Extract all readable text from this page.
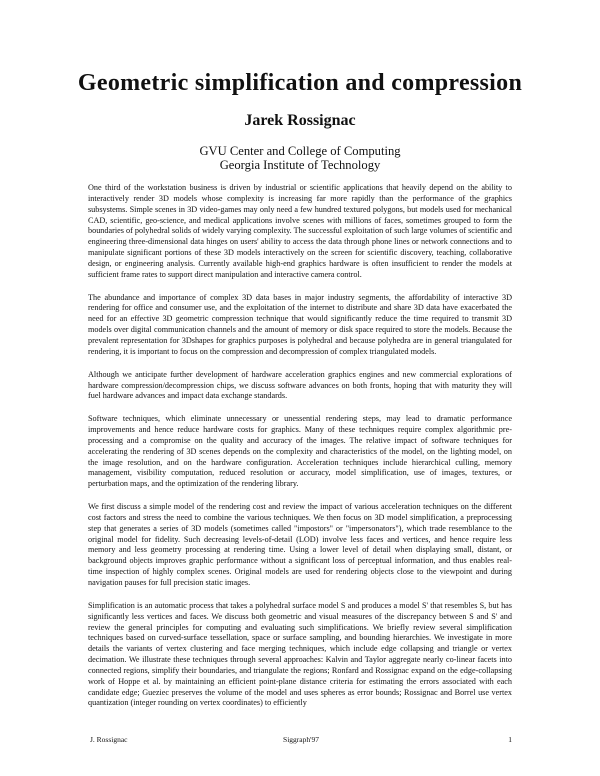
Geometric simplification and compression
Jarek Rossignac
GVU Center and College of Computing
Georgia Institute of Technology

One third of the workstation business is driven by industrial or scientific applications that heavily depend on the ability to interactively render 3D models whose complexity is increasing far more rapidly than the performance of the graphics subsystems. Simple scenes in 3D video-games may only need a few hundred textured polygons, but models used for mechanical CAD, scientific, geo-science, and medical applications involve scenes with millions of faces, sometimes grouped to form the boundaries of polyhedral solids of widely varying complexity. The successful exploitation of such large volumes of scientific and engineering three-dimensional data hinges on users' ability to access the data through phone lines or network connections and to manipulate significant portions of these 3D models interactively on the screen for scientific discovery, teaching, collaborative design, or engineering analysis. Currently available high-end graphics hardware is often insufficient to render the models at sufficient frame rates to support direct manipulation and interactive camera control.

The abundance and importance of complex 3D data bases in major industry segments, the affordability of interactive 3D rendering for office and consumer use, and the exploitation of the internet to distribute and share 3D data have exacerbated the need for an effective 3D geometric compression technique that would significantly reduce the time required to transmit 3D models over digital communication channels and the amount of memory or disk space required to store the models. Because the prevalent representation for 3Dshapes for graphics purposes is polyhedral and because polyhedra are in general triangulated for rendering, it is important to focus on the compression and decompression of complex triangulated models.

Although we anticipate further development of hardware acceleration graphics engines and new commercial explorations of hardware compression/decompression chips, we discuss software advances on both fronts, hoping that with maturity they will fuel hardware advances and impact data exchange standards.

Software techniques, which eliminate unnecessary or unessential rendering steps, may lead to dramatic performance improvements and hence reduce hardware costs for graphics. Many of these techniques require complex algorithmic pre-processing and a compromise on the quality and accuracy of the images. The relative impact of software techniques for accelerating the rendering of 3D scenes depends on the complexity and characteristics of the model, on the lighting model, on the image resolution, and on the hardware configuration. Acceleration techniques include hierarchical culling, memory management, visibility computation, reduced resolution or accuracy, model simplification, use of images, textures, or perturbation maps, and the optimization of the rendering library.

We first discuss a simple model of the rendering cost and review the impact of various acceleration techniques on the different cost factors and stress the need to combine the various techniques. We then focus on 3D model simplification, a preprocessing step that generates a series of 3D models (sometimes called "impostors" or "impersonators"), which trade resemblance to the original model for fidelity. Such decreasing levels-of-detail (LOD) involve less faces and vertices, and hence require less memory and less geometry processing at rendering time. Using a lower level of detail when displaying small, distant, or background objects improves graphic performance without a significant loss of perceptual information, and thus enables real-time inspection of highly complex scenes. Original models are used for rendering objects close to the viewpoint and during navigation pauses for full precision static images.

Simplification is an automatic process that takes a polyhedral surface model S and produces a model S' that resembles S, but has significantly less vertices and faces. We discuss both geometric and visual measures of the discrepancy between S and S' and review the general principles for computing and evaluating such simplifications. We briefly review several simplification techniques based on curved-surface tessellation, space or surface sampling, and bounding hierarchies. We investigate in more details the variants of vertex clustering and face merging techniques, which include edge collapsing and triangle or vertex decimation. We illustrate these techniques through several approaches: Kalvin and Taylor aggregate nearly co-linear facets into connected regions, simplify their boundaries, and triangulate the regions; Ronfard and Rossignac expand on the edge-collapsing work of Hoppe et al. by maintaining an efficient point-plane distance criteria for estimating the errors associated with each candidate edge; Gueziec preserves the volume of the model and uses spheres as error bounds; Rossignac and Borrel use vertex quantization (integer rounding on vertex coordinates) to efficiently

J. Rossignac	Siggraph'97	1
